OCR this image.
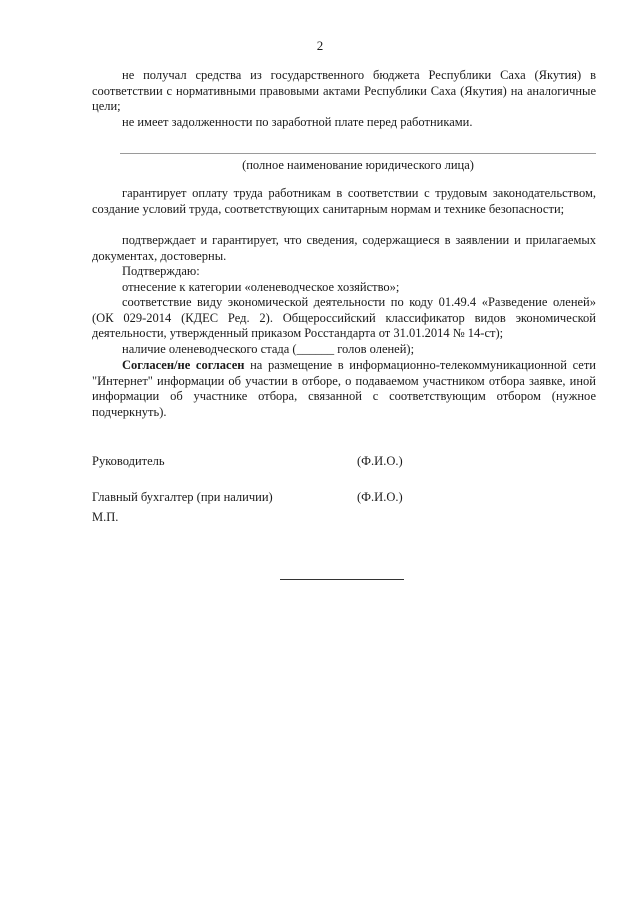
2

не получал средства из государственного бюджета Республики Саха (Якутия) в соответствии с нормативными правовыми актами Республики Саха (Якутия) на аналогичные цели;

не имеет задолженности по заработной плате перед работниками.

(полное наименование юридического лица)

гарантирует оплату труда работникам в соответствии с трудовым законодательством, создание условий труда, соответствующих санитарным нормам и технике безопасности;

подтверждает и гарантирует, что сведения, содержащиеся в заявлении и прилагаемых документах, достоверны.

Подтверждаю:

отнесение к категории «оленеводческое хозяйство»;

соответствие виду экономической деятельности по коду 01.49.4 «Разведение оленей» (ОК 029-2014 (КДЕС Ред. 2). Общероссийский классификатор видов экономической деятельности, утвержденный приказом Росстандарта от 31.01.2014 № 14-ст);

наличие оленеводческого стада (______ голов оленей);

Согласен/не согласен на размещение в информационно-телекоммуникационной сети "Интернет" информации об участии в отборе, о подаваемом участником отбора заявке, иной информации об участнике отбора, связанной с соответствующим отбором (нужное подчеркнуть).

Руководитель	(Ф.И.О.)
Главный бухгалтер (при наличии)	(Ф.И.О.)
М.П.
